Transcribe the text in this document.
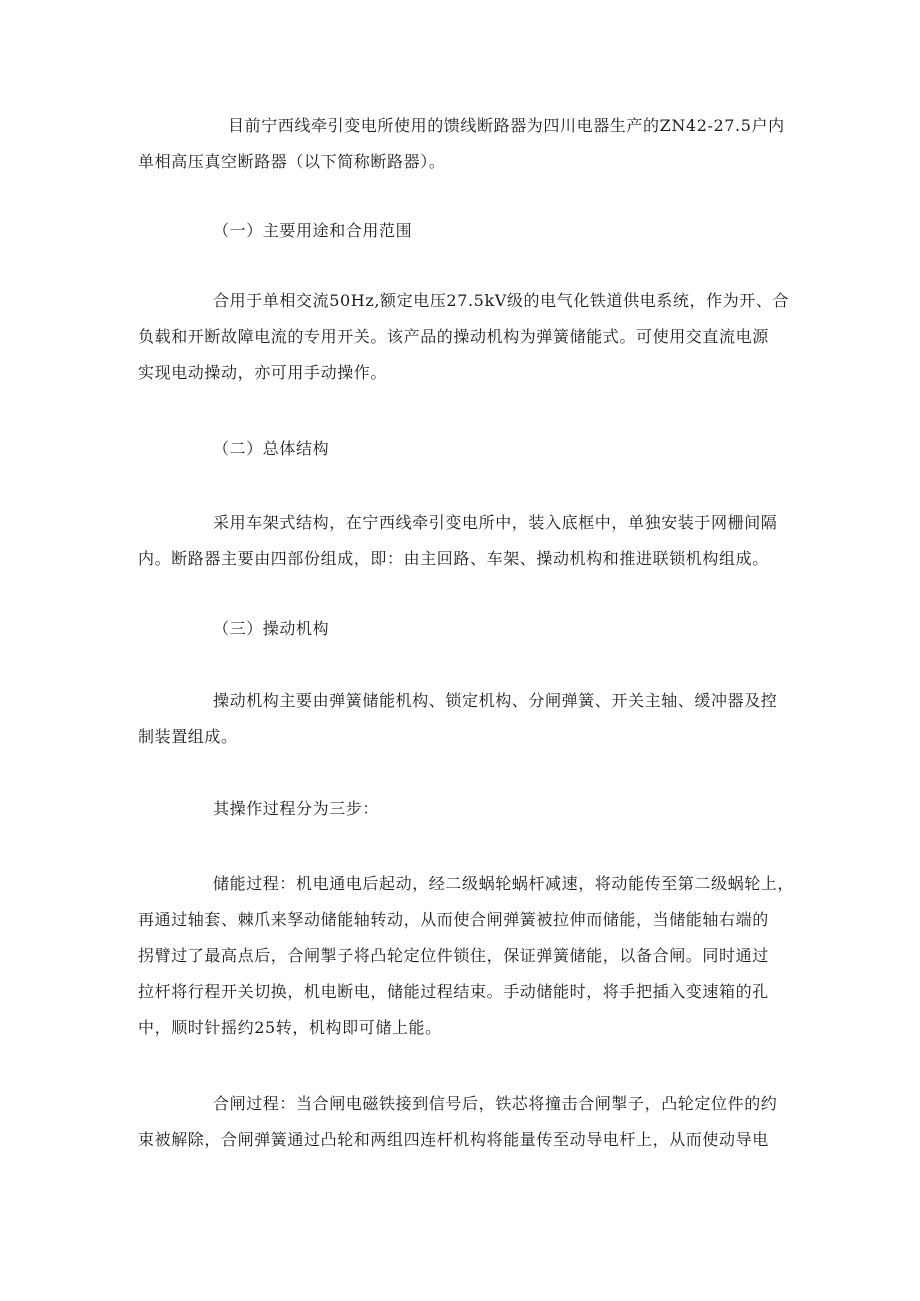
目前宁西线牵引变电所使用的馈线断路器为四川电器生产的ZN42-27.5户内

单相高压真空断路器（以下简称断路器）。

（一）主要用途和合用范围

合用于单相交流50Hz,额定电压27.5kV级的电气化铁道供电系统，作为开、合

负载和开断故障电流的专用开关。该产品的操动机构为弹簧储能式。可使用交直流电源

实现电动操动，亦可用手动操作。

（二）总体结构

采用车架式结构，在宁西线牵引变电所中，装入底框中，单独安装于网栅间隔

内。断路器主要由四部份组成，即：由主回路、车架、操动机构和推进联锁机构组成。

（三）操动机构

操动机构主要由弹簧储能机构、锁定机构、分闸弹簧、开关主轴、缓冲器及控

制装置组成。

其操作过程分为三步：

储能过程：机电通电后起动，经二级蜗轮蜗杆减速，将动能传至第二级蜗轮上，

再通过轴套、棘爪来孥动储能轴转动，从而使合闸弹簧被拉伸而储能，当储能轴右端的

拐臂过了最高点后，合闸掣子将凸轮定位件锁住，保证弹簧储能，以备合闸。同时通过

拉杆将行程开关切换，机电断电，储能过程结束。手动储能时，将手把插入变速箱的孔

中，顺时针摇约25转，机构即可储上能。

合闸过程：当合闸电磁铁接到信号后，铁芯将撞击合闸掣子，凸轮定位件的约

束被解除，合闸弹簧通过凸轮和两组四连杆机构将能量传至动导电杆上，从而使动导电
